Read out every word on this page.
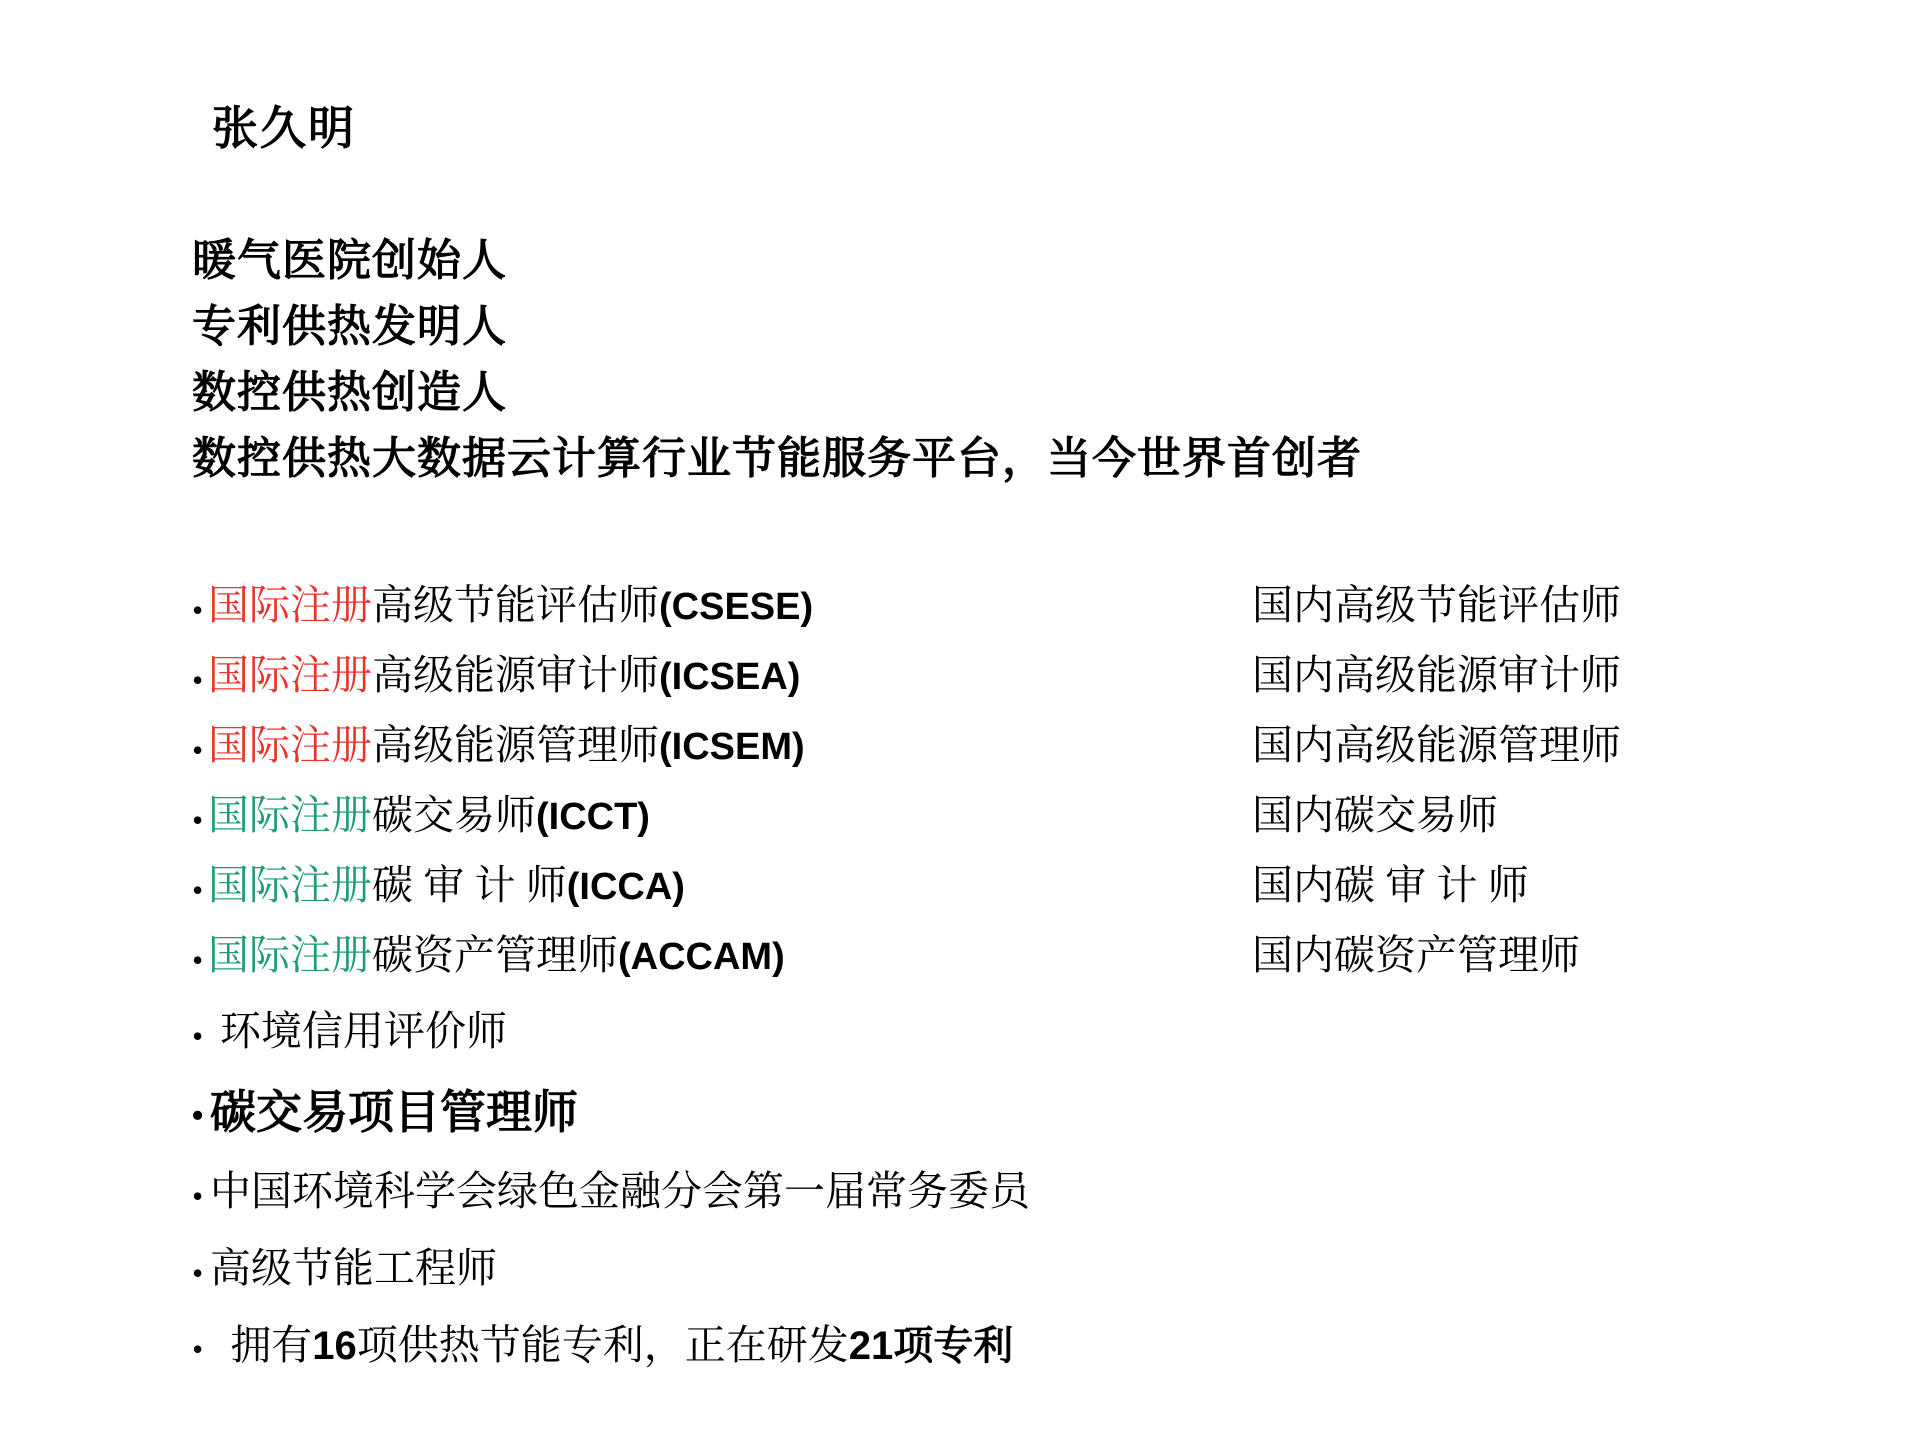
张久明
暖气医院创始人
专利供热发明人
数控供热创造人
数控供热大数据云计算行业节能服务平台，当今世界首创者
• 国际注册高级节能评估师(CSESE)	国内高级节能评估师
• 国际注册高级能源审计师(ICSEA)	国内高级能源审计师
• 国际注册高级能源管理师(ICSEM)	国内高级能源管理师
• 国际注册碳交易师(ICCT)	国内碳交易师
• 国际注册碳 审 计 师(ICCA)	国内碳 审 计 师
• 国际注册碳资产管理师(ACCAM)	国内碳资产管理师
• 环境信用评价师
• 碳交易项目管理师
• 中国环境科学会绿色金融分会第一届常务委员
• 高级节能工程师
• 拥有16项供热节能专利，正在研发21项专利
